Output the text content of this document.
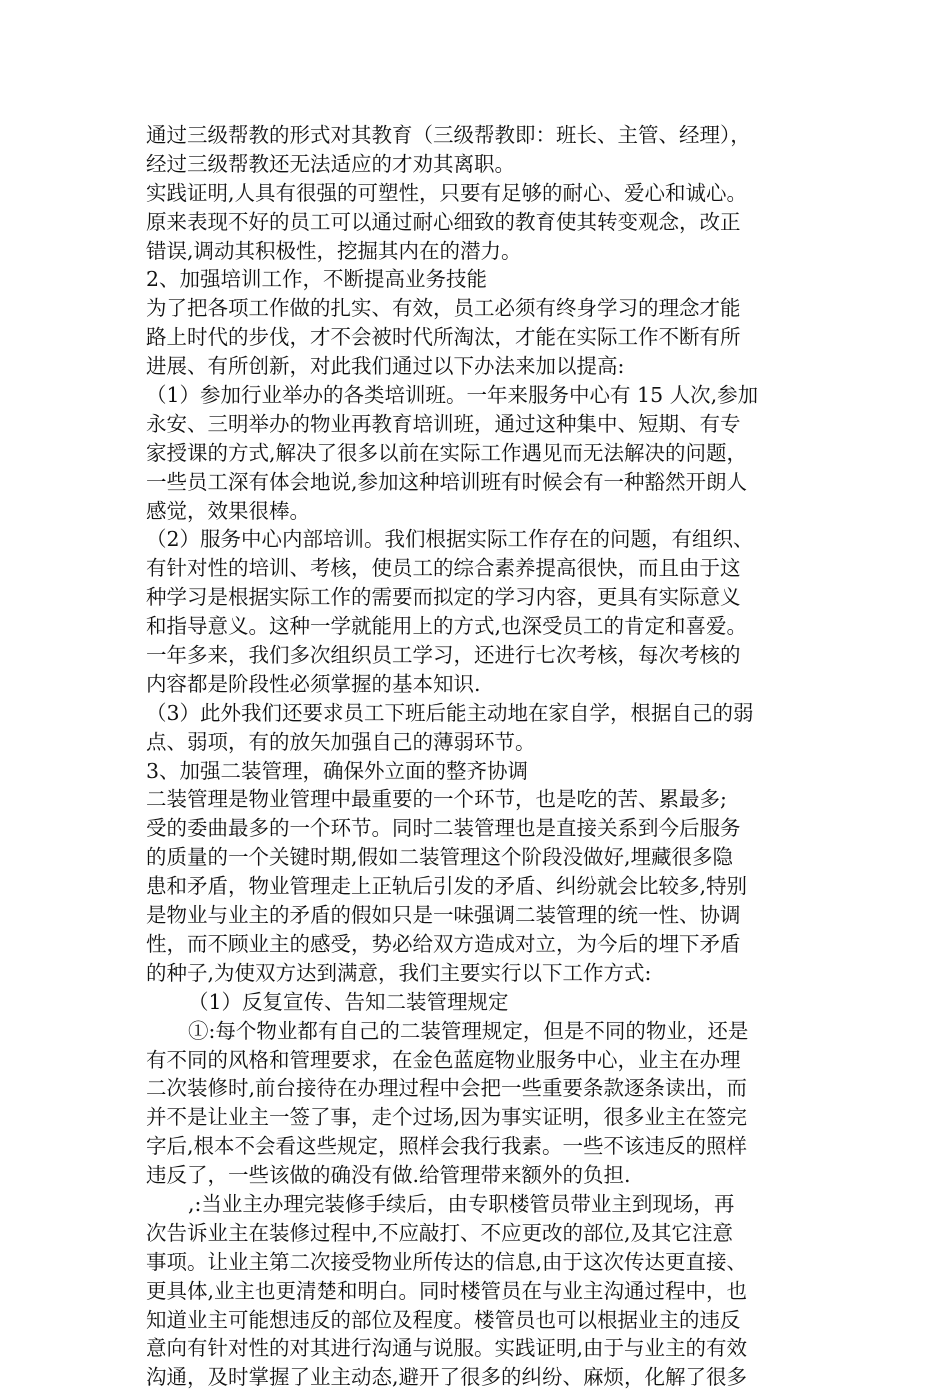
通过三级帮教的形式对其教育（三级帮教即：班长、主管、经理），
经过三级帮教还无法适应的才劝其离职。
实践证明,人具有很强的可塑性，只要有足够的耐心、爱心和诚心。
原来表现不好的员工可以通过耐心细致的教育使其转变观念，改正
错误,调动其积极性，挖掘其内在的潜力。
2、加强培训工作，不断提高业务技能
为了把各项工作做的扎实、有效，员工必须有终身学习的理念才能
路上时代的步伐，才不会被时代所淘汰，才能在实际工作不断有所
进展、有所创新，对此我们通过以下办法来加以提高:
（1）参加行业举办的各类培训班。一年来服务中心有 15 人次,参加
永安、三明举办的物业再教育培训班，通过这种集中、短期、有专
家授课的方式,解决了很多以前在实际工作遇见而无法解决的问题，
一些员工深有体会地说,参加这种培训班有时候会有一种豁然开朗人
感觉，效果很棒。
（2）服务中心内部培训。我们根据实际工作存在的问题，有组织、
有针对性的培训、考核，使员工的综合素养提高很快，而且由于这
种学习是根据实际工作的需要而拟定的学习内容，更具有实际意义
和指导意义。这种一学就能用上的方式,也深受员工的肯定和喜爱。
一年多来，我们多次组织员工学习，还进行七次考核，每次考核的
内容都是阶段性必须掌握的基本知识.
（3）此外我们还要求员工下班后能主动地在家自学，根据自己的弱
点、弱项，有的放矢加强自己的薄弱环节。
3、加强二装管理，确保外立面的整齐协调
二装管理是物业管理中最重要的一个环节，也是吃的苦、累最多;
受的委曲最多的一个环节。同时二装管理也是直接关系到今后服务
的质量的一个关键时期,假如二装管理这个阶段没做好,埋藏很多隐
患和矛盾，物业管理走上正轨后引发的矛盾、纠纷就会比较多,特别
是物业与业主的矛盾的假如只是一味强调二装管理的统一性、协调
性，而不顾业主的感受，势必给双方造成对立，为今后的埋下矛盾
的种子,为使双方达到满意，我们主要实行以下工作方式:
（1）反复宣传、告知二装管理规定
①:每个物业都有自己的二装管理规定，但是不同的物业，还是
有不同的风格和管理要求，在金色蓝庭物业服务中心，业主在办理
二次装修时,前台接待在办理过程中会把一些重要条款逐条读出，而
并不是让业主一签了事，走个过场,因为事实证明，很多业主在签完
字后,根本不会看这些规定，照样会我行我素。一些不该违反的照样
违反了，一些该做的确没有做.给管理带来额外的负担.
,:当业主办理完装修手续后，由专职楼管员带业主到现场，再
次告诉业主在装修过程中,不应敲打、不应更改的部位,及其它注意
事项。让业主第二次接受物业所传达的信息,由于这次传达更直接、
更具体,业主也更清楚和明白。同时楼管员在与业主沟通过程中，也
知道业主可能想违反的部位及程度。楼管员也可以根据业主的违反
意向有针对性的对其进行沟通与说服。实践证明,由于与业主的有效
沟通，及时掌握了业主动态,避开了很多的纠纷、麻烦，化解了很多
